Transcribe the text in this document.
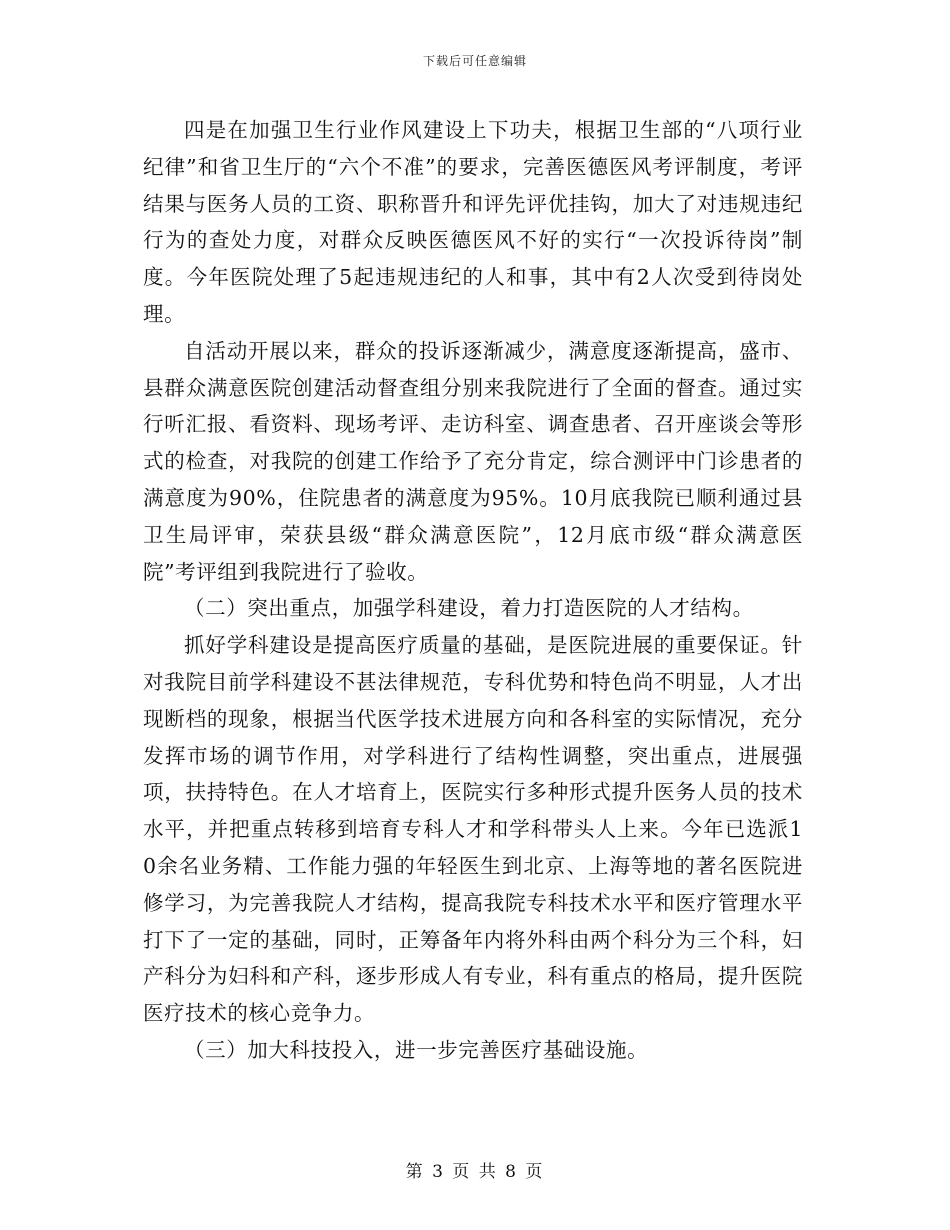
下载后可任意编辑

四是在加强卫生行业作风建设上下功夫，根据卫生部的“八项行业纪律”和省卫生厅的“六个不准”的要求，完善医德医风考评制度，考评结果与医务人员的工资、职称晋升和评先评优挂钩，加大了对违规违纪行为的查处力度，对群众反映医德医风不好的实行“一次投诉待岗”制度。今年医院处理了5起违规违纪的人和事，其中有2人次受到待岗处理。

自活动开展以来，群众的投诉逐渐减少，满意度逐渐提高，盛市、县群众满意医院创建活动督查组分别来我院进行了全面的督查。通过实行听汇报、看资料、现场考评、走访科室、调查患者、召开座谈会等形式的检查，对我院的创建工作给予了充分肯定，综合测评中门诊患者的满意度为90%，住院患者的满意度为95%。10月底我院已顺利通过县卫生局评审，荣获县级“群众满意医院”，12月底市级“群众满意医院”考评组到我院进行了验收。

（二）突出重点，加强学科建设，着力打造医院的人才结构。

抓好学科建设是提高医疗质量的基础，是医院进展的重要保证。针对我院目前学科建设不甚法律规范，专科优势和特色尚不明显，人才出现断档的现象，根据当代医学技术进展方向和各科室的实际情况，充分发挥市场的调节作用，对学科进行了结构性调整，突出重点，进展强项，扶持特色。在人才培育上，医院实行多种形式提升医务人员的技术水平，并把重点转移到培育专科人才和学科带头人上来。今年已选派10余名业务精、工作能力强的年轻医生到北京、上海等地的著名医院进修学习，为完善我院人才结构，提高我院专科技术水平和医疗管理水平打下了一定的基础，同时，正筹备年内将外科由两个科分为三个科，妇产科分为妇科和产科，逐步形成人有专业，科有重点的格局，提升医院医疗技术的核心竞争力。

（三）加大科技投入，进一步完善医疗基础设施。

第 3 页 共 8 页
